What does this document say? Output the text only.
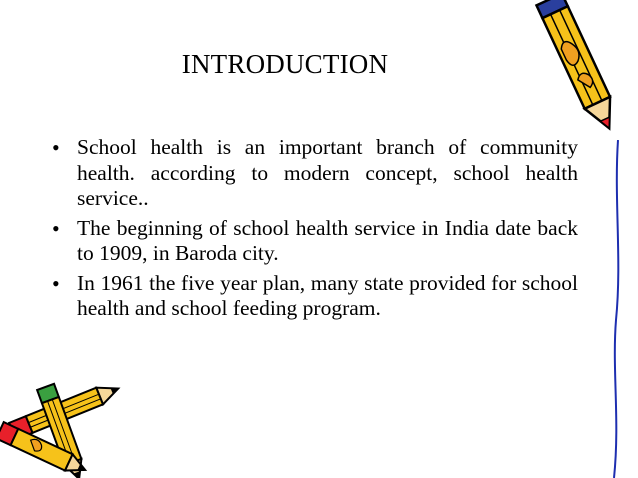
INTRODUCTION
• School health is an important branch of community health. according to modern concept, school health service..
• The beginning of school health service in India date back to 1909, in Baroda city.
• In 1961 the five year plan, many state provided for school health and school feeding program.
